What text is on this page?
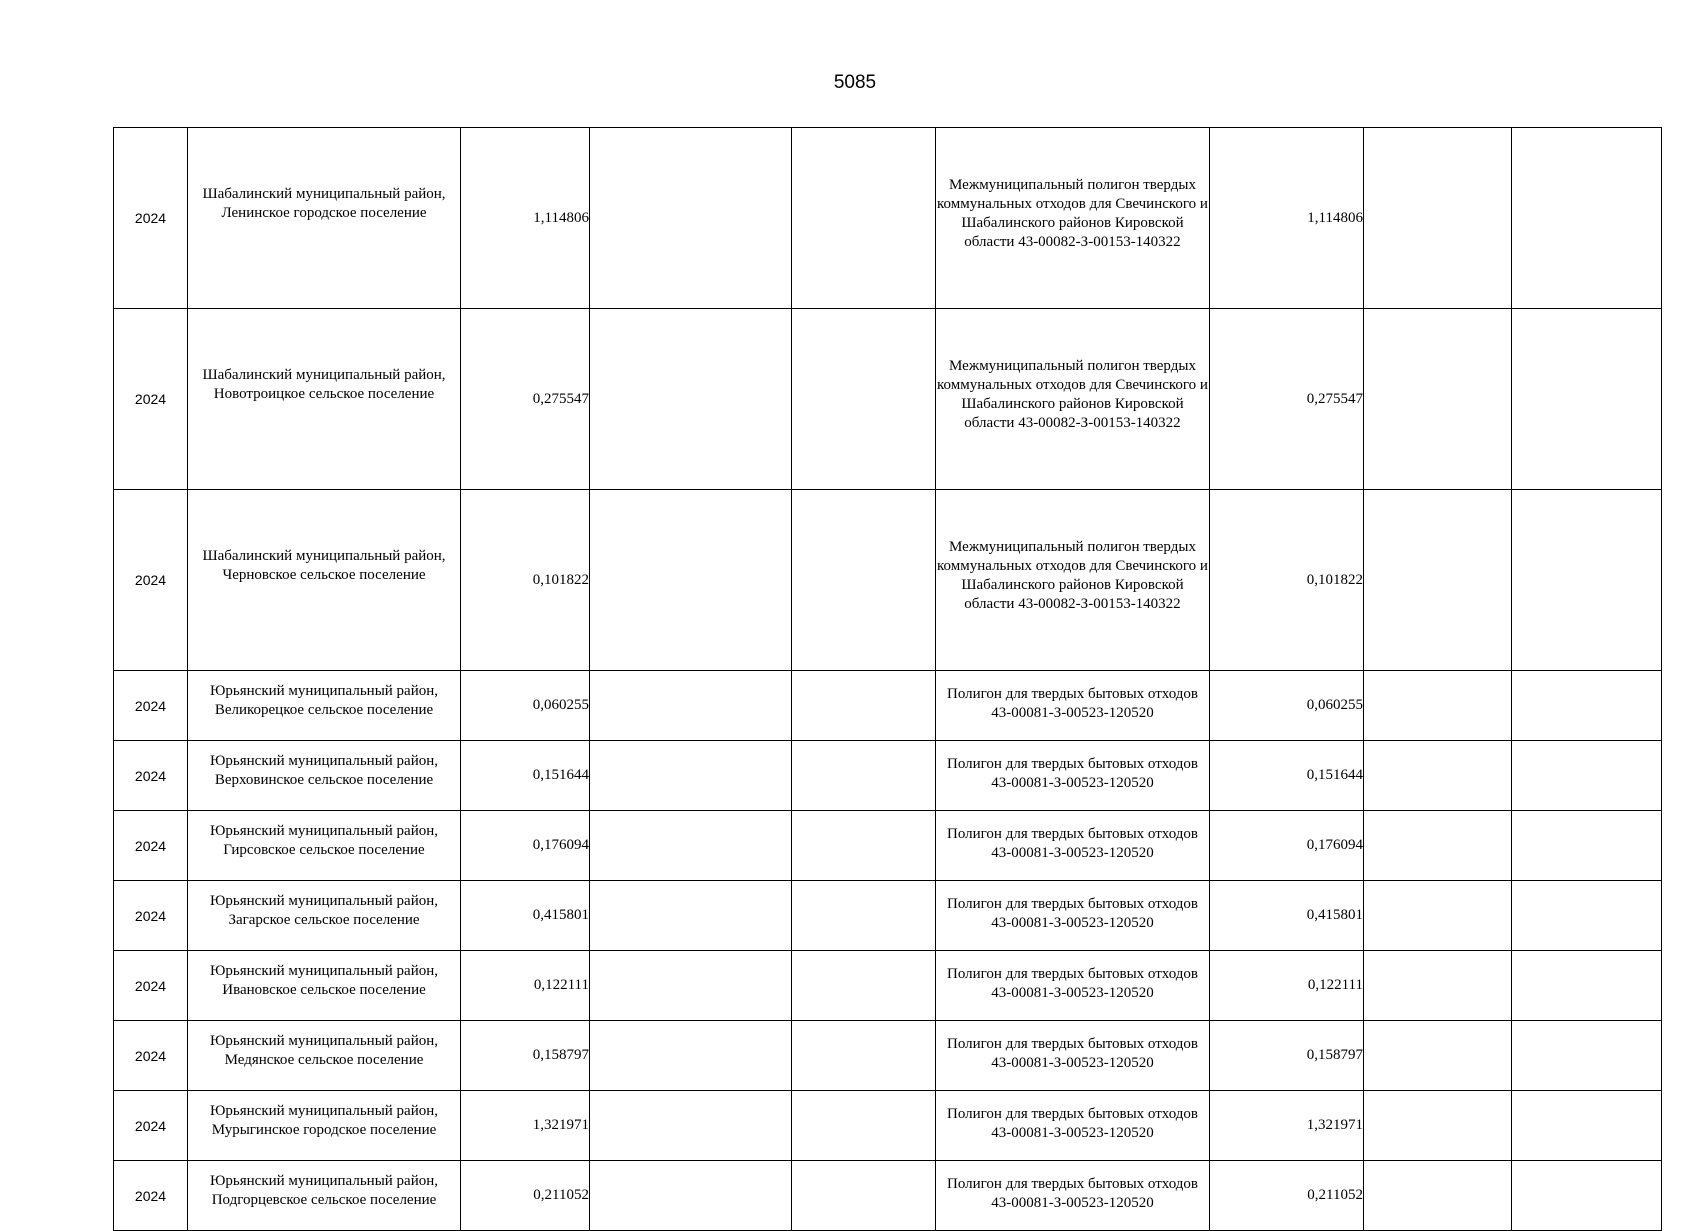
5085
2024	Шабалинский муниципальный район, Ленинское городское поселение	1,114806			Межмуниципальный полигон твердых коммунальных отходов для Свечинского и Шабалинского районов Кировской области 43-00082-З-00153-140322	1,114806		
2024	Шабалинский муниципальный район, Новотроицкое сельское поселение	0,275547			Межмуниципальный полигон твердых коммунальных отходов для Свечинского и Шабалинского районов Кировской области 43-00082-З-00153-140322	0,275547		
2024	Шабалинский муниципальный район, Черновское сельское поселение	0,101822			Межмуниципальный полигон твердых коммунальных отходов для Свечинского и Шабалинского районов Кировской области 43-00082-З-00153-140322	0,101822		
2024	Юрьянский муниципальный район, Великорецкое сельское поселение	0,060255			Полигон для твердых бытовых отходов 43-00081-З-00523-120520	0,060255		
2024	Юрьянский муниципальный район, Верховинское сельское поселение	0,151644			Полигон для твердых бытовых отходов 43-00081-З-00523-120520	0,151644		
2024	Юрьянский муниципальный район, Гирсовское сельское поселение	0,176094			Полигон для твердых бытовых отходов 43-00081-З-00523-120520	0,176094		
2024	Юрьянский муниципальный район, Загарское сельское поселение	0,415801			Полигон для твердых бытовых отходов 43-00081-З-00523-120520	0,415801		
2024	Юрьянский муниципальный район, Ивановское сельское поселение	0,122111			Полигон для твердых бытовых отходов 43-00081-З-00523-120520	0,122111		
2024	Юрьянский муниципальный район, Медянское сельское поселение	0,158797			Полигон для твердых бытовых отходов 43-00081-З-00523-120520	0,158797		
2024	Юрьянский муниципальный район, Мурыгинское городское поселение	1,321971			Полигон для твердых бытовых отходов 43-00081-З-00523-120520	1,321971		
2024	Юрьянский муниципальный район, Подгорцевское сельское поселение	0,211052			Полигон для твердых бытовых отходов 43-00081-З-00523-120520	0,211052		
